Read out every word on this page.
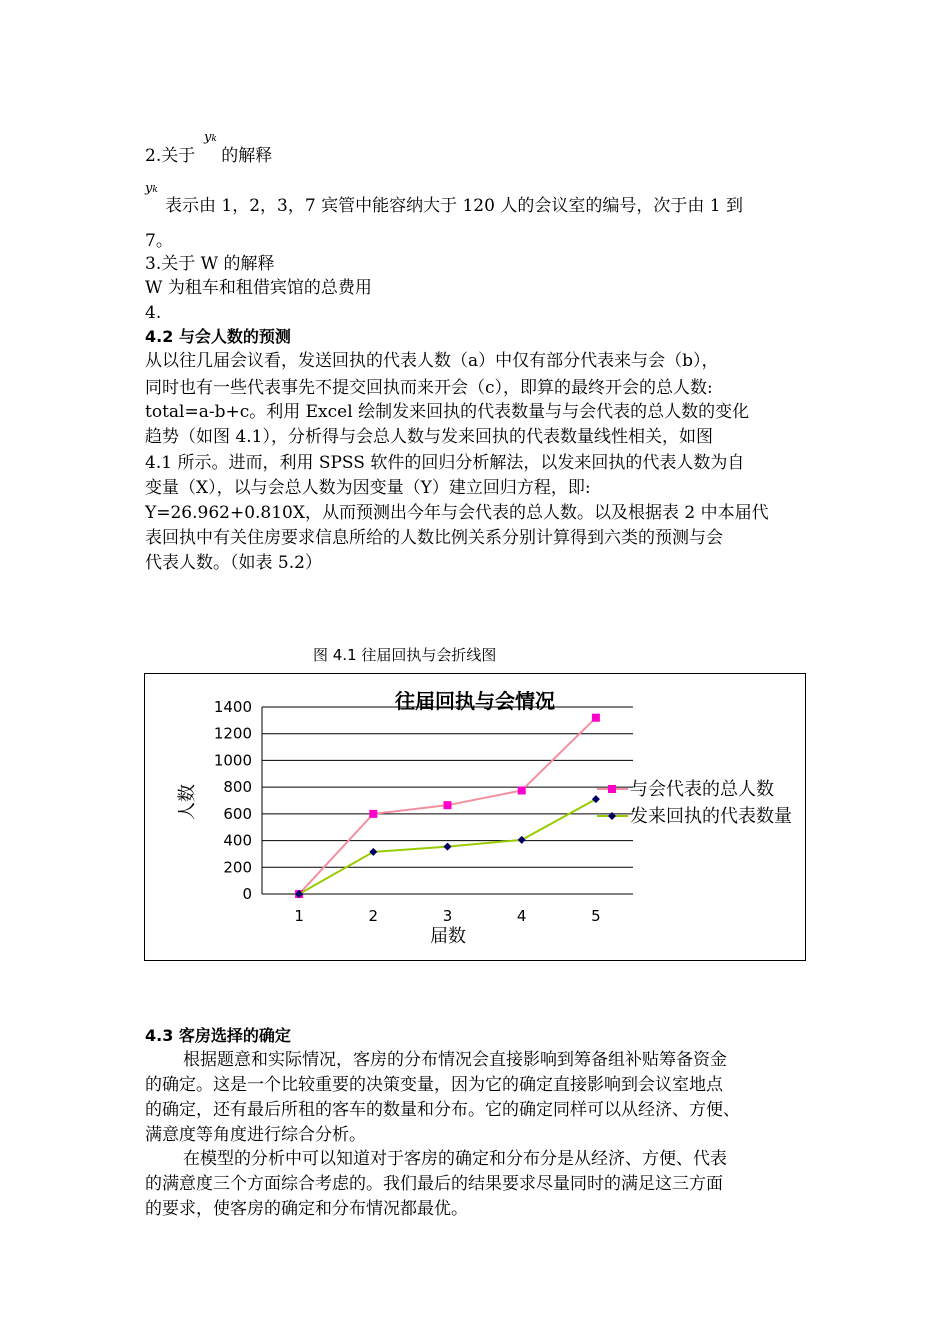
yk
2.关于 的解释
yk
表示由 1，2，3，7 宾管中能容纳大于 120 人的会议室的编号，次于由 1 到
7。
3.关于 W 的解释
W 为租车和租借宾馆的总费用
4.
4.2 与会人数的预测
从以往几届会议看，发送回执的代表人数（a）中仅有部分代表来与会（b），
同时也有一些代表事先不提交回执而来开会（c），即算的最终开会的总人数:
total=a-b+c。利用 Excel 绘制发来回执的代表数量与与会代表的总人数的变化
趋势（如图 4.1），分析得与会总人数与发来回执的代表数量线性相关，如图
4.1 所示。进而，利用 SPSS 软件的回归分析解法，以发来回执的代表人数为自
变量（X），以与会总人数为因变量（Y）建立回归方程，即:
Y=26.962+0.810X，从而预测出今年与会代表的总人数。以及根据表 2 中本届代
表回执中有关住房要求信息所给的人数比例关系分别计算得到六类的预测与会
代表人数。（如表 5.2）
图 4.1 往届回执与会折线图
0
200
400
600
800
1000
1200
1400
1	2	3	4	5
往届回执与会情况
届数
人数	与会代表的总人数
发来回执的代表数量
4.3 客房选择的确定
根据题意和实际情况，客房的分布情况会直接影响到筹备组补贴筹备资金
的确定。这是一个比较重要的决策变量，因为它的确定直接影响到会议室地点
的确定，还有最后所租的客车的数量和分布。它的确定同样可以从经济、方便、
满意度等角度进行综合分析。
在模型的分析中可以知道对于客房的确定和分布分是从经济、方便、代表
的满意度三个方面综合考虑的。我们最后的结果要求尽量同时的满足这三方面
的要求，使客房的确定和分布情况都最优。
